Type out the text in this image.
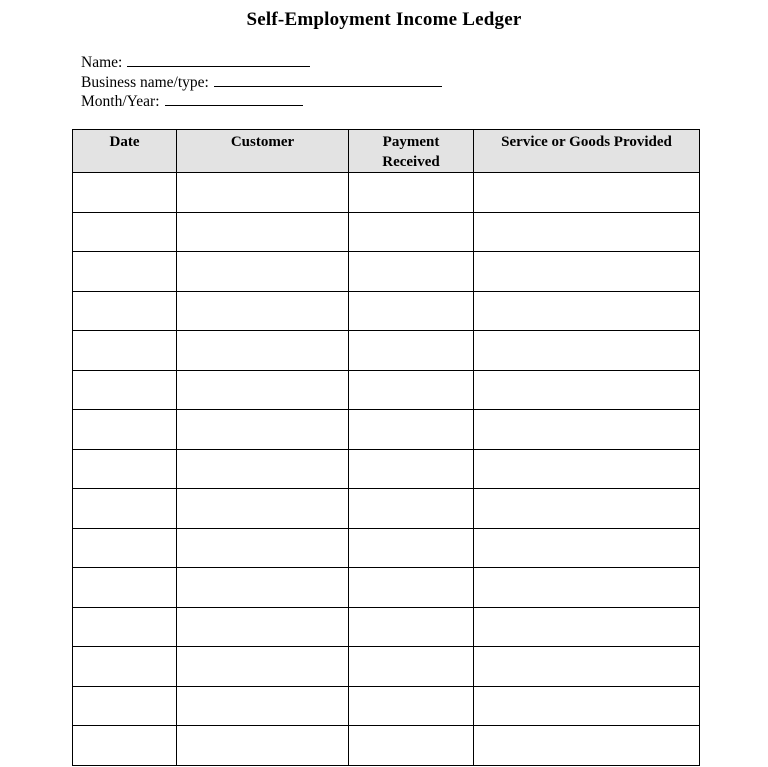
Self-Employment Income Ledger
Name:
Business name/type:
Month/Year:
Date	Customer	Payment Received	Service or Goods Provided
